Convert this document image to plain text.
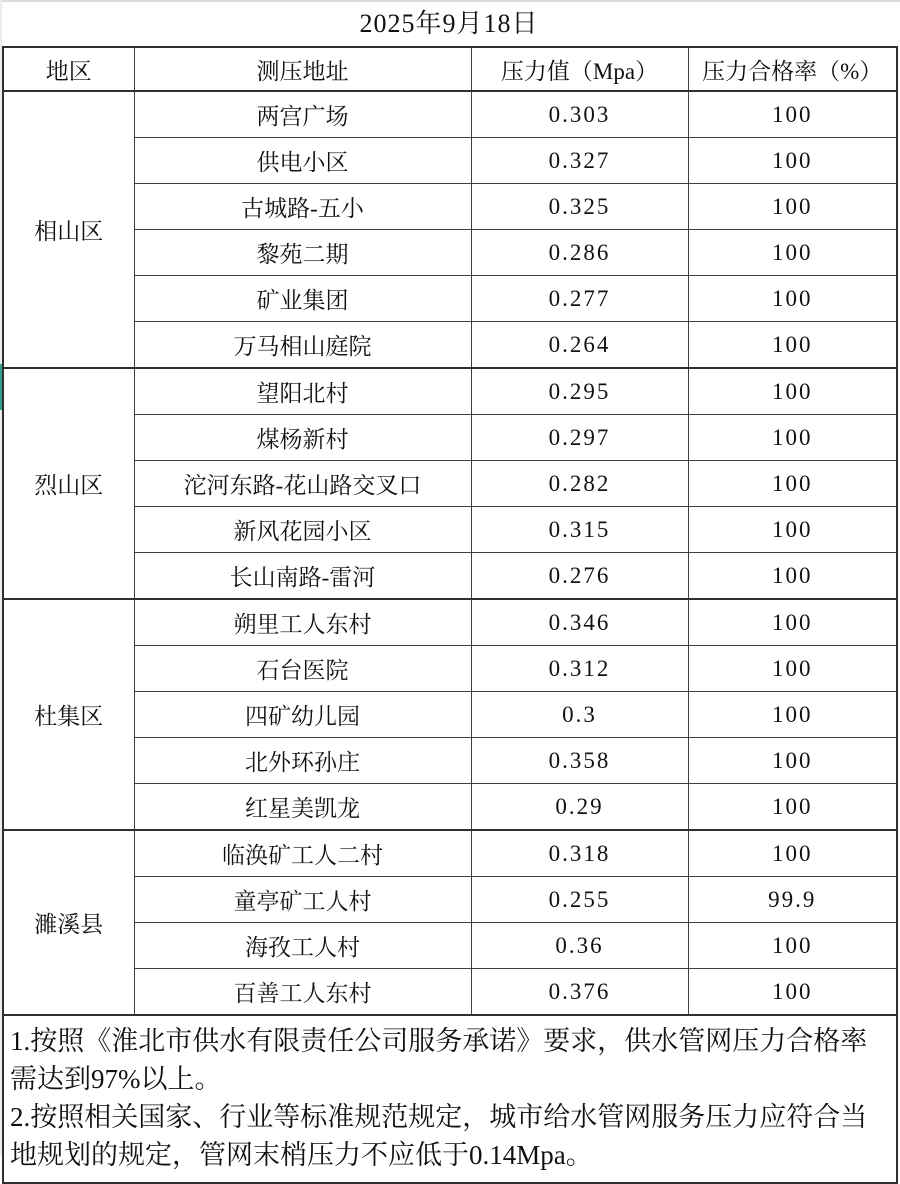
2025年9月18日
地区	测压地址	压力值（Mpa）	压力合格率（%）
相山区	两宫广场	0.303	100
	供电小区	0.327	100
	古城路-五小	0.325	100
	黎苑二期	0.286	100
	矿业集团	0.277	100
	万马相山庭院	0.264	100
烈山区	望阳北村	0.295	100
	煤杨新村	0.297	100
	沱河东路-花山路交叉口	0.282	100
	新风花园小区	0.315	100
	长山南路-雷河	0.276	100
杜集区	朔里工人东村	0.346	100
	石台医院	0.312	100
	四矿幼儿园	0.3	100
	北外环孙庄	0.358	100
	红星美凯龙	0.29	100
濉溪县	临涣矿工人二村	0.318	100
	童亭矿工人村	0.255	99.9
	海孜工人村	0.36	100
	百善工人东村	0.376	100

1.按照《淮北市供水有限责任公司服务承诺》要求，供水管网压力合格率需达到97%以上。

2.按照相关国家、行业等标准规范规定，城市给水管网服务压力应符合当地规划的规定，管网末梢压力不应低于0.14Mpa。			
